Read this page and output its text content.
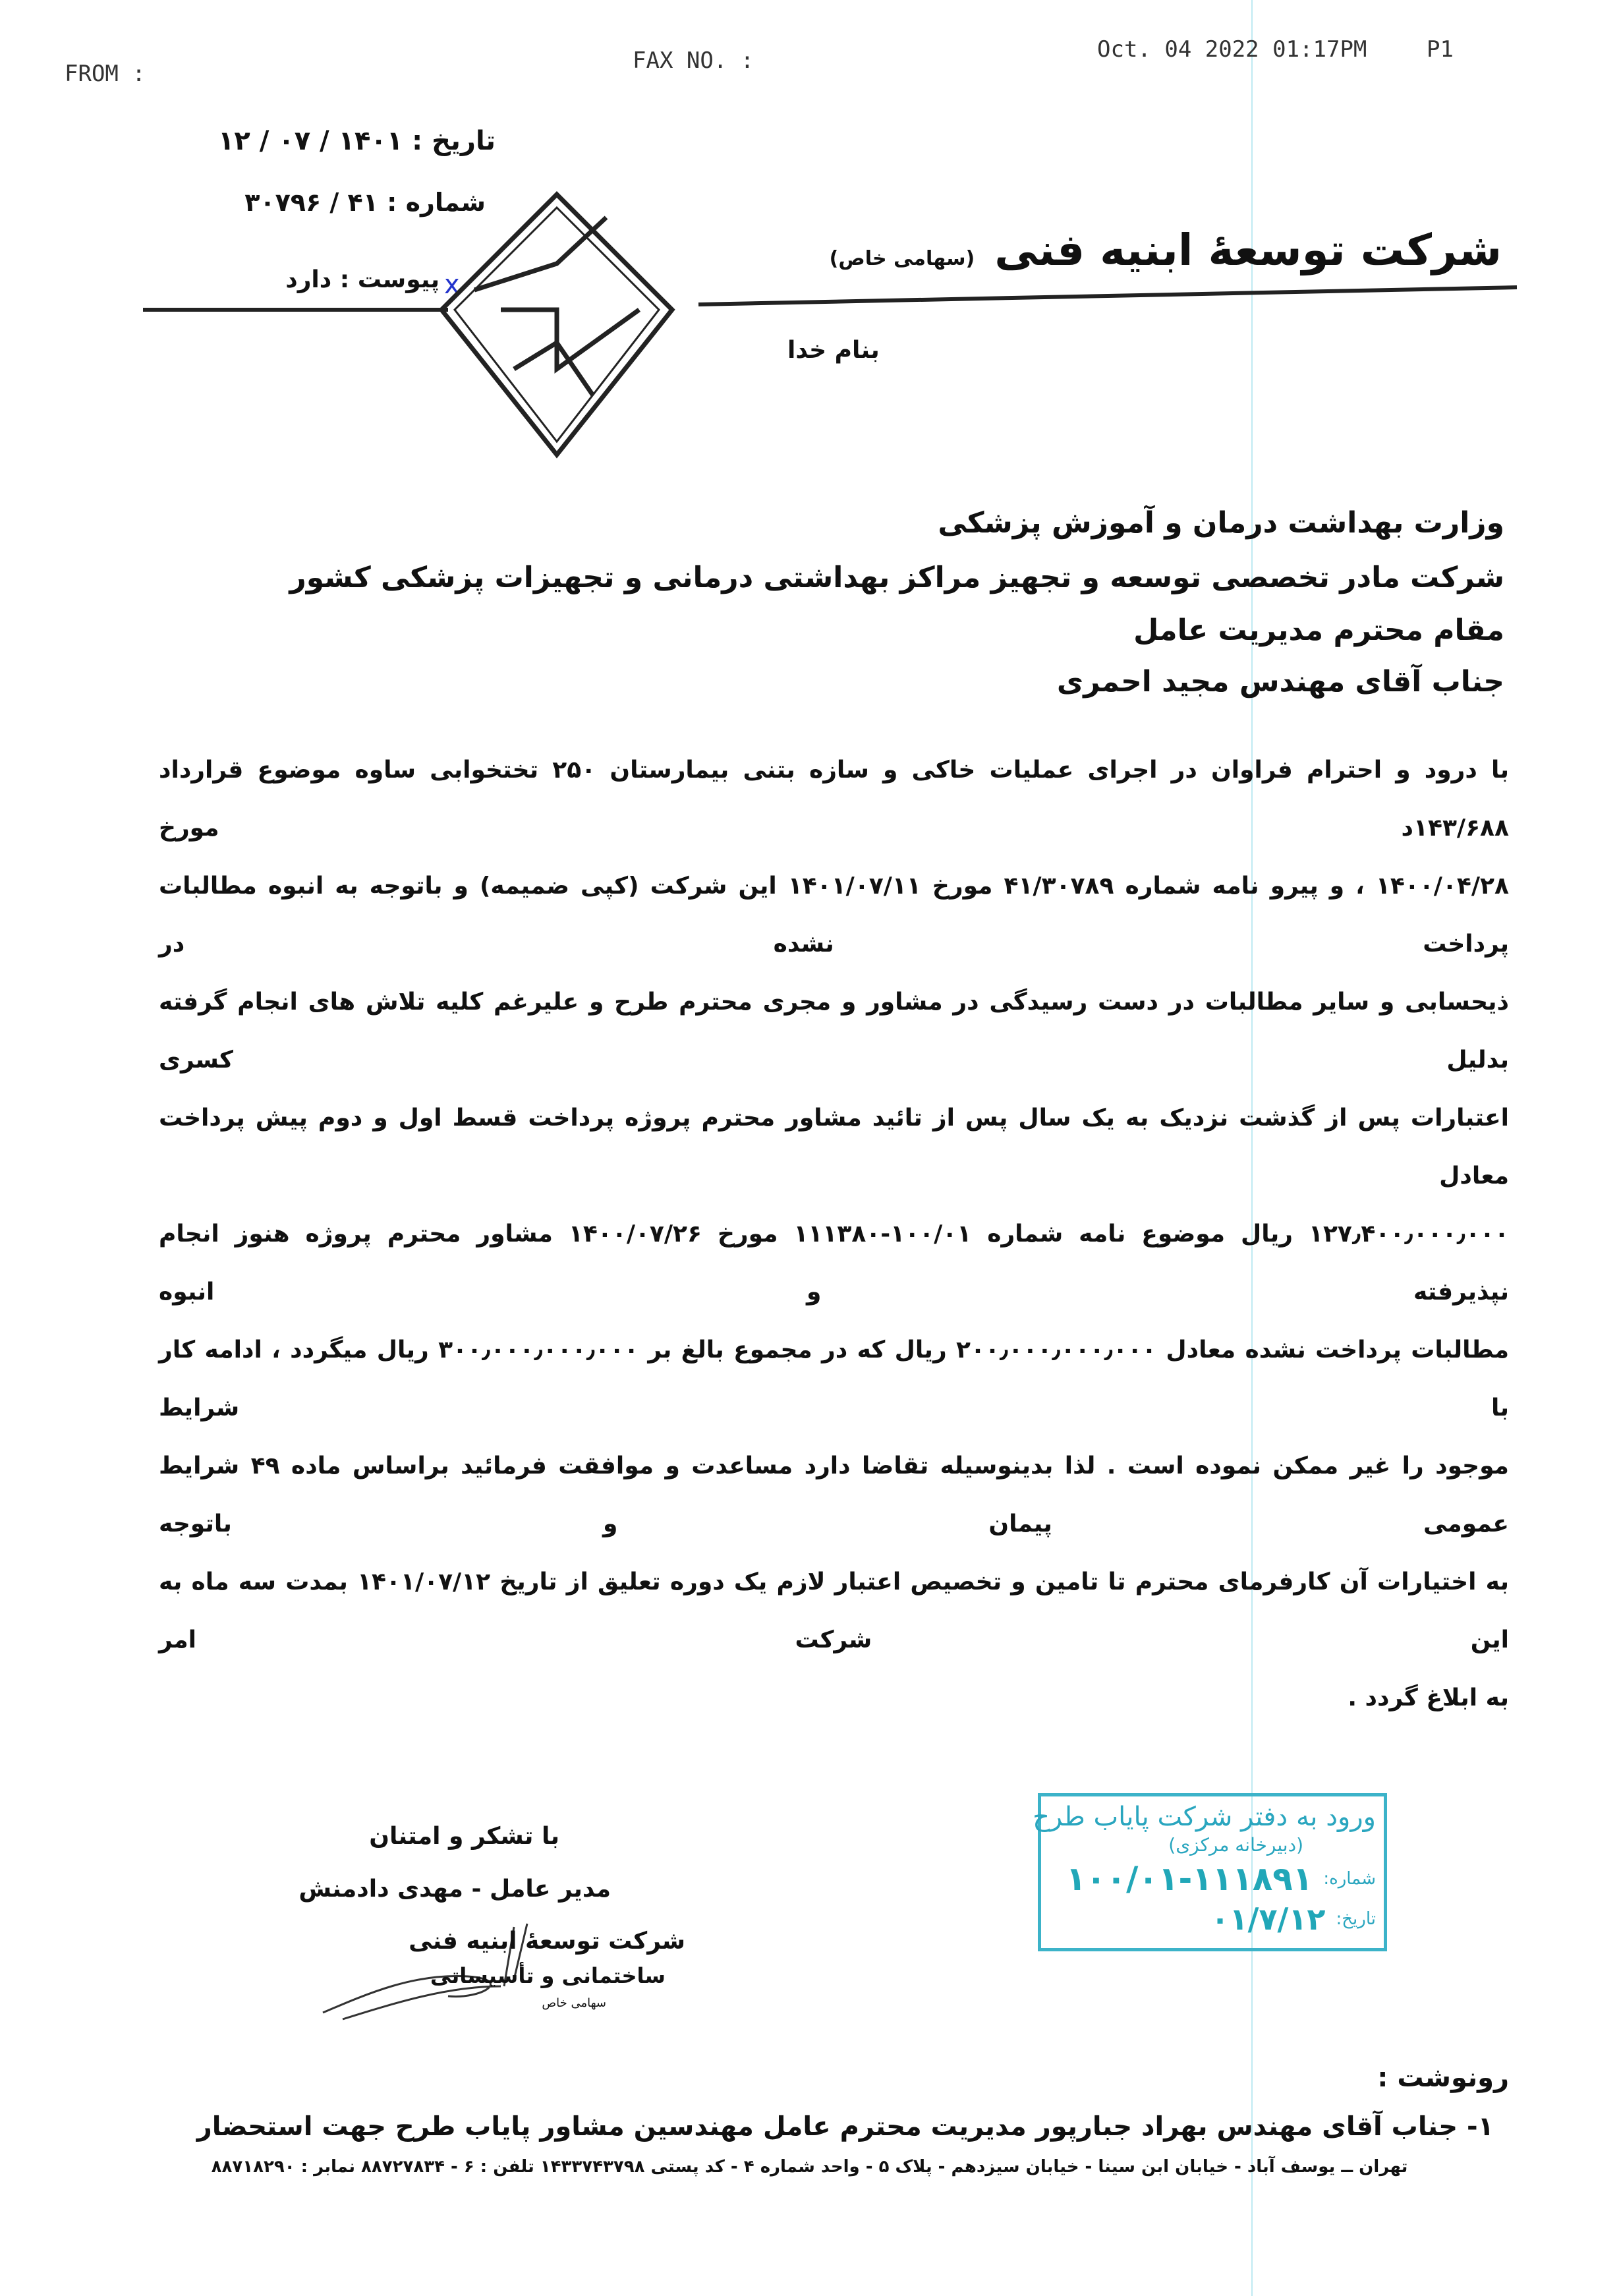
FROM :	FAX NO. :	Oct. 04 2022 01:17PM	P1
تاریخ : ۱۴۰۱ / ۰۷ / ۱۲
شماره : ۴۱ / ۳۰۷۹۶
پیوست : دارد x
شرکت توسعهٔ ابنیه فنی
(سهامی خاص)
بنام خدا
وزارت بهداشت درمان و آموزش پزشکی
شرکت مادر تخصصی توسعه و تجهیز مراکز بهداشتی درمانی و تجهیزات پزشکی کشور
مقام محترم مدیریت عامل
جناب آقای مهندس مجید احمری
با درود و احترام فراوان در اجرای عملیات خاکی و سازه بتنی بیمارستان ۲۵۰ تختخوابی ساوه موضوع قرارداد ۱۴۳/۶۸۸د مورخ
۱۴۰۰/۰۴/۲۸ ، و پیرو نامه شماره ۴۱/۳۰۷۸۹ مورخ ۱۴۰۱/۰۷/۱۱ این شرکت (کپی ضمیمه) و باتوجه به انبوه مطالبات پرداخت نشده در
ذیحسابی و سایر مطالبات در دست رسیدگی در مشاور و مجری محترم طرح و علیرغم کلیه تلاش های انجام گرفته بدلیل کسری
اعتبارات پس از گذشت نزدیک به یک سال پس از تائید مشاور محترم پروژه پرداخت قسط اول و دوم پیش پرداخت معادل
۱۲۷٫۴۰۰٫۰۰۰٫۰۰۰ ریال موضوع نامه شماره ۱۰۰/۰۱-۱۱۱۳۸۰ مورخ ۱۴۰۰/۰۷/۲۶ مشاور محترم پروژه هنوز انجام نپذیرفته و انبوه
مطالبات پرداخت نشده معادل ۲۰۰٫۰۰۰٫۰۰۰٫۰۰۰ ریال که در مجموع بالغ بر ۳۰۰٫۰۰۰٫۰۰۰٫۰۰۰ ریال میگردد ، ادامه کار با شرایط
موجود را غیر ممکن نموده است . لذا بدینوسیله تقاضا دارد مساعدت و موافقت فرمائید براساس ماده ۴۹ شرایط عمومی پیمان و باتوجه
به اختیارات آن کارفرمای محترم تا تامین و تخصیص اعتبار لازم یک دوره تعلیق از تاریخ ۱۴۰۱/۰۷/۱۲ بمدت سه ماه به این شرکت امر
به ابلاغ گردد .
با تشکر و امتنان
مدیر عامل - مهدی دادمنش
شرکت توسعهٔ ابنیه فنی
ساختمانی و تأسیساتی
سهامی خاص
رونوشت :
۱- جناب آقای مهندس بهراد جبارپور مدیریت محترم عامل مهندسین مشاور پایاب طرح جهت استحضار
ورود به دفتر شرکت پایاب طرح
(دبیرخانه مرکزی)
شماره:
۱۰۰/۰۱-۱۱۱۸۹۱
تاریخ:
۰۱/۷/۱۲
تهران ــ یوسف آباد - خیابان ابن سینا - خیابان سیزدهم - پلاک ۵ - واحد شماره ۴ - کد پستی ۱۴۳۳۷۴۳۷۹۸ تلفن : ۶ - ۸۸۷۲۷۸۳۴ نمابر : ۸۸۷۱۸۲۹۰
